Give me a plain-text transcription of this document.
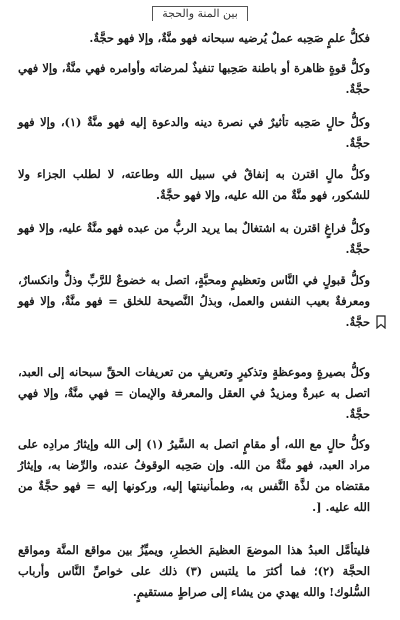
بين المنة والحجة
فكلُّ علمٍ صَحِبه عملٌ يُرضيه سبحانه فهو منَّةٌ، وإلا فهو حجَّةٌ.
وكلُّ قوةٍ ظاهرة أو باطنة صَحِبها تنفيذٌ لمرضاته وأوامره فهي منَّةٌ، وإلا فهي حجَّةٌ.
وكلُّ حالٍ صَحِبه تأثيرٌ في نصرة دينه والدعوة إليه فهو منَّةٌ (١)، وإلا فهو حجَّةٌ.
وكلُّ مالٍ اقترن به إنفاقٌ في سبيل الله وطاعته، لا لطلب الجزاء ولا للشكور، فهو منَّةٌ من الله عليه، وإلا فهو حجَّةٌ.
وكلُّ فراغٍ اقترن به اشتغالٌ بما يريد الربُّ من عبده فهو منَّةٌ عليه، وإلا فهو حجَّةٌ.
وكلُّ قبولٍ في النَّاس وتعظيمٍ ومحبَّةٍ، اتصل به خضوعٌ للرَّبِّ وذلٌّ وانكسارٌ، ومعرفةٌ بعيب النفس والعمل، وبذلُ النَّصيحة للخلق = فهو منَّةٌ، وإلا فهو حجَّةٌ.
وكلُّ بصيرةٍ وموعظةٍ وتذكيرٍ وتعريفٍ من تعريفات الحقِّ سبحانه إلى العبد، اتصل به عبرةٌ ومزيدٌ في العقل والمعرفة والإيمان = فهي منَّةٌ، وإلا فهي حجَّةٌ.
وكلُّ حالٍ مع الله، أو مقامٍ اتصل به السَّيرُ (١) إلى الله وإيثارُ مرادِه على مراد العبد، فهو منَّةٌ من الله. وإن صَحِبه الوقوفُ عنده، والرِّضا به، وإيثارُ مقتضاه من لذَّة النَّفس به، وطمأنينتها إليه، وركونها إليه = فهو حجَّةٌ من الله عليه. [.
فليتأمَّل العبدُ هذا الموضعَ العظيمَ الخطرِ، ويميِّزُ بين مواقع المنَّة ومواقع الحجَّة (٢)؛ فما أكثرَ ما يلتبس (٣) ذلك على خواصِّ النَّاس وأرباب السُّلوك! والله يهدي من يشاء إلى صراطٍ مستقيمٍ.
